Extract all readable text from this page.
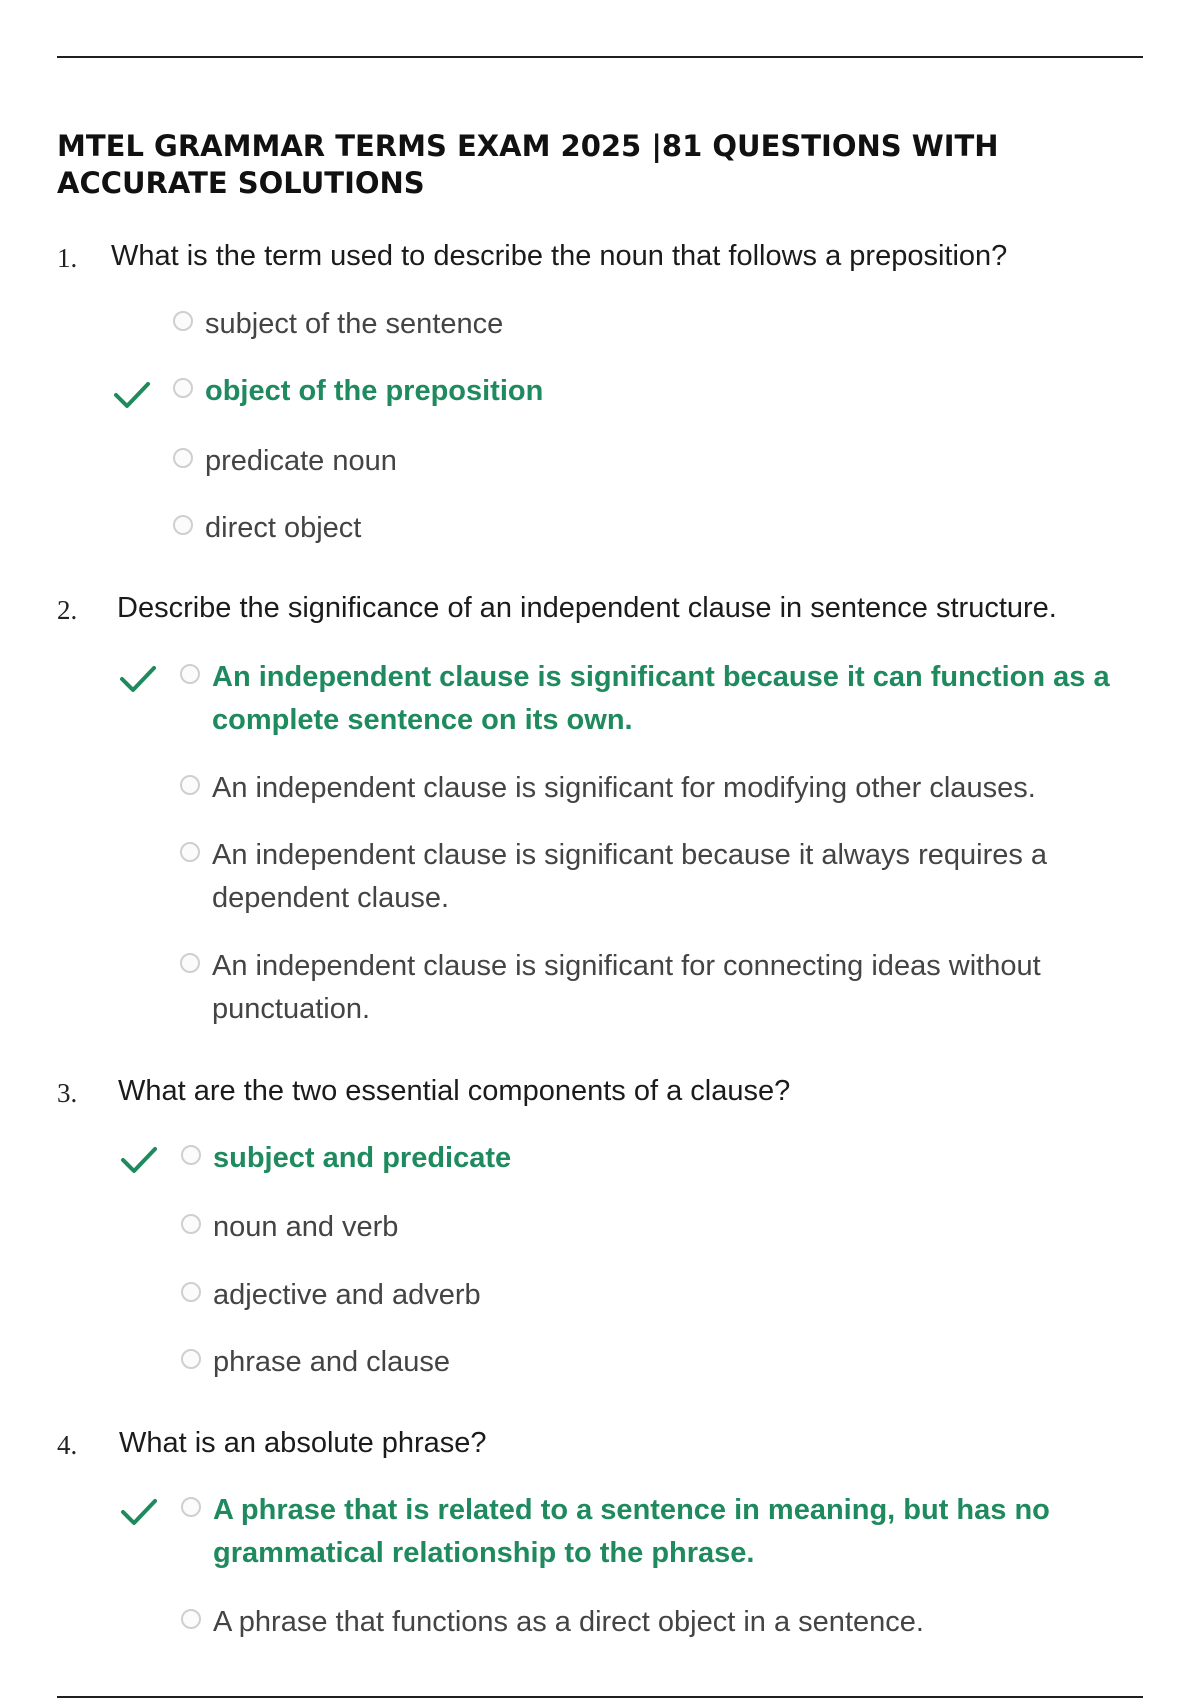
MTEL GRAMMAR TERMS EXAM 2025 |81 QUESTIONS WITH ACCURATE SOLUTIONS
1. What is the term used to describe the noun that follows a preposition?
subject of the sentence
object of the preposition
predicate noun
direct object
2. Describe the significance of an independent clause in sentence structure.
An independent clause is significant because it can function as a complete sentence on its own.
An independent clause is significant for modifying other clauses.
An independent clause is significant because it always requires a dependent clause.
An independent clause is significant for connecting ideas without punctuation.
3. What are the two essential components of a clause?
subject and predicate
noun and verb
adjective and adverb
phrase and clause
4. What is an absolute phrase?
A phrase that is related to a sentence in meaning, but has no grammatical relationship to the phrase.
A phrase that functions as a direct object in a sentence.
